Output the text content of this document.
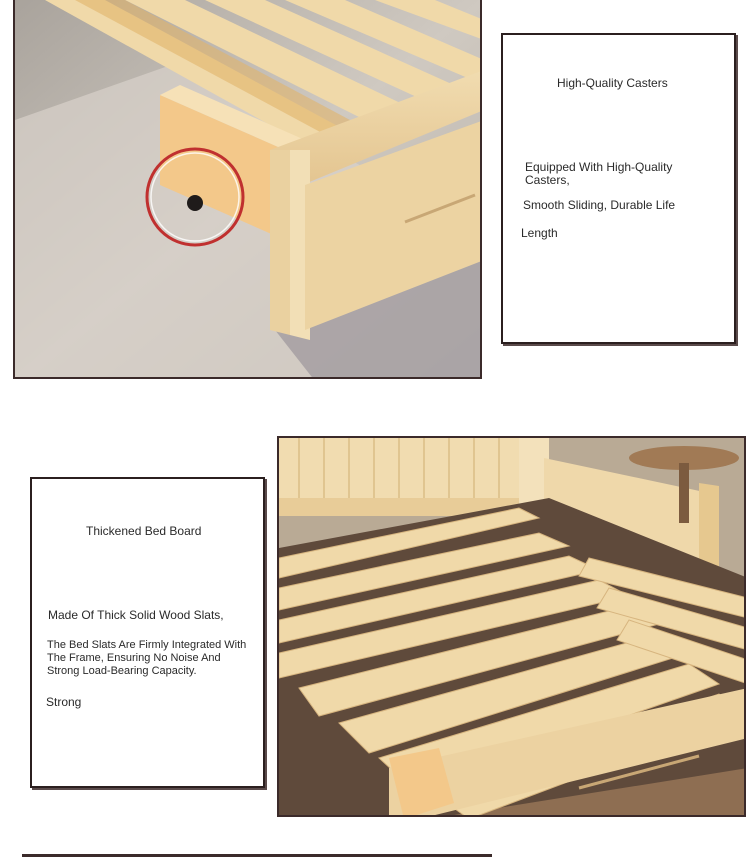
High-Quality Casters
Equipped With High-Quality Casters,
Smooth Sliding, Durable Life
Length
Thickened Bed Board
Made Of Thick Solid Wood Slats,
The Bed Slats Are Firmly Integrated With The Frame, Ensuring No Noise And Strong Load-Bearing Capacity.
Strong
